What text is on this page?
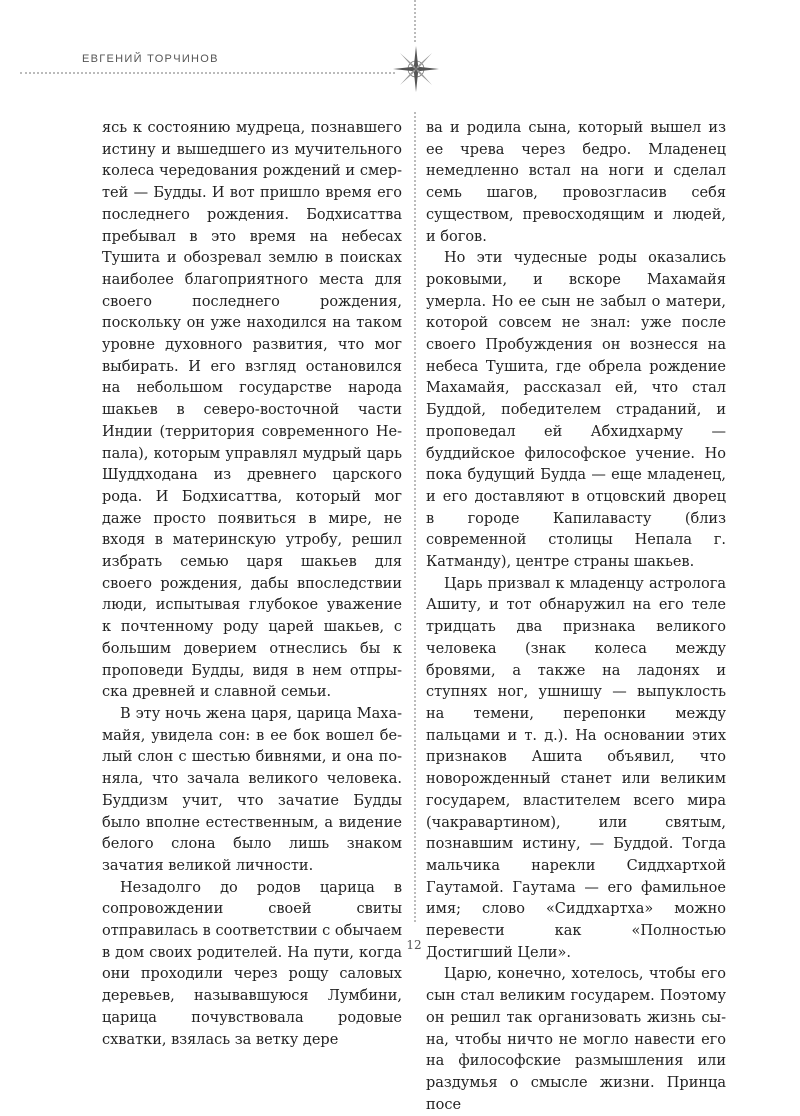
ЕВГЕНИЙ ТОРЧИНОВ

ясь к состоянию мудреца, познавшего истину и вышедшего из мучительного колеса чередования рождений и смертей — Будды. И вот пришло время его последнего рождения. Бодхисаттва пребывал в это время на небесах Тушита и обозревал землю в поисках наиболее благоприятного места для своего последнего рождения, поскольку он уже находился на таком уровне духовного развития, что мог выбирать. И его взгляд остановился на небольшом государстве народа шакьев в северо-восточной части Индии (территория современного Непала), которым управлял мудрый царь Шуддходана из древнего царского рода. И Бодхисаттва, который мог даже просто появиться в мире, не входя в материнскую утробу, решил избрать семью царя шакьев для своего рождения, дабы впоследствии люди, испытывая глубокое уважение к почтенному роду царей шакьев, с большим доверием отнеслись бы к проповеди Будды, видя в нем отпрыска древней и славной семьи.

В эту ночь жена царя, царица Махамайя, увидела сон: в ее бок вошел белый слон с шестью бивнями, и она поняла, что зачала великого человека. Буддизм учит, что зачатие Будды было вполне естественным, а видение белого слона было лишь знаком зачатия великой личности.

Незадолго до родов царица в сопровождении своей свиты отправилась в соответствии с обычаем в дом своих родителей. На пути, когда они проходили через рощу саловых деревьев, называвшуюся Лумбини, царица почувствовала родовые схватки, взялась за ветку дере

ва и родила сына, который вышел из ее чрева через бедро. Младенец немедленно встал на ноги и сделал семь шагов, провозгласив себя существом, превосходящим и людей, и богов.

Но эти чудесные роды оказались роковыми, и вскоре Махамайя умерла. Но ее сын не забыл о матери, которой совсем не знал: уже после своего Пробуждения он вознесся на небеса Тушита, где обрела рождение Махамайя, рассказал ей, что стал Буддой, победителем страданий, и проповедал ей Абхидхарму — буддийское философское учение. Но пока будущий Будда — еще младенец, и его доставляют в отцовский дворец в городе Капилавасту (близ современной столицы Непала г. Катманду), центре страны шакьев.

Царь призвал к младенцу астролога Ашиту, и тот обнаружил на его теле тридцать два признака великого человека (знак колеса между бровями, а также на ладонях и ступнях ног, ушнишу — выпуклость на темени, перепонки между пальцами и т. д.). На основании этих признаков Ашита объявил, что новорожденный станет или великим государем, властителем всего мира (чакравартином), или святым, познавшим истину, — Буддой. Тогда мальчика нарекли Сиддхартхой Гаутамой. Гаутама — его фамильное имя; слово «Сиддхартха» можно перевести как «Полностью Достигший Цели».

Царю, конечно, хотелось, чтобы его сын стал великим государем. Поэтому он решил так организовать жизнь сына, чтобы ничто не могло навести его на философские размышления или раздумья о смысле жизни. Принца посе

12
